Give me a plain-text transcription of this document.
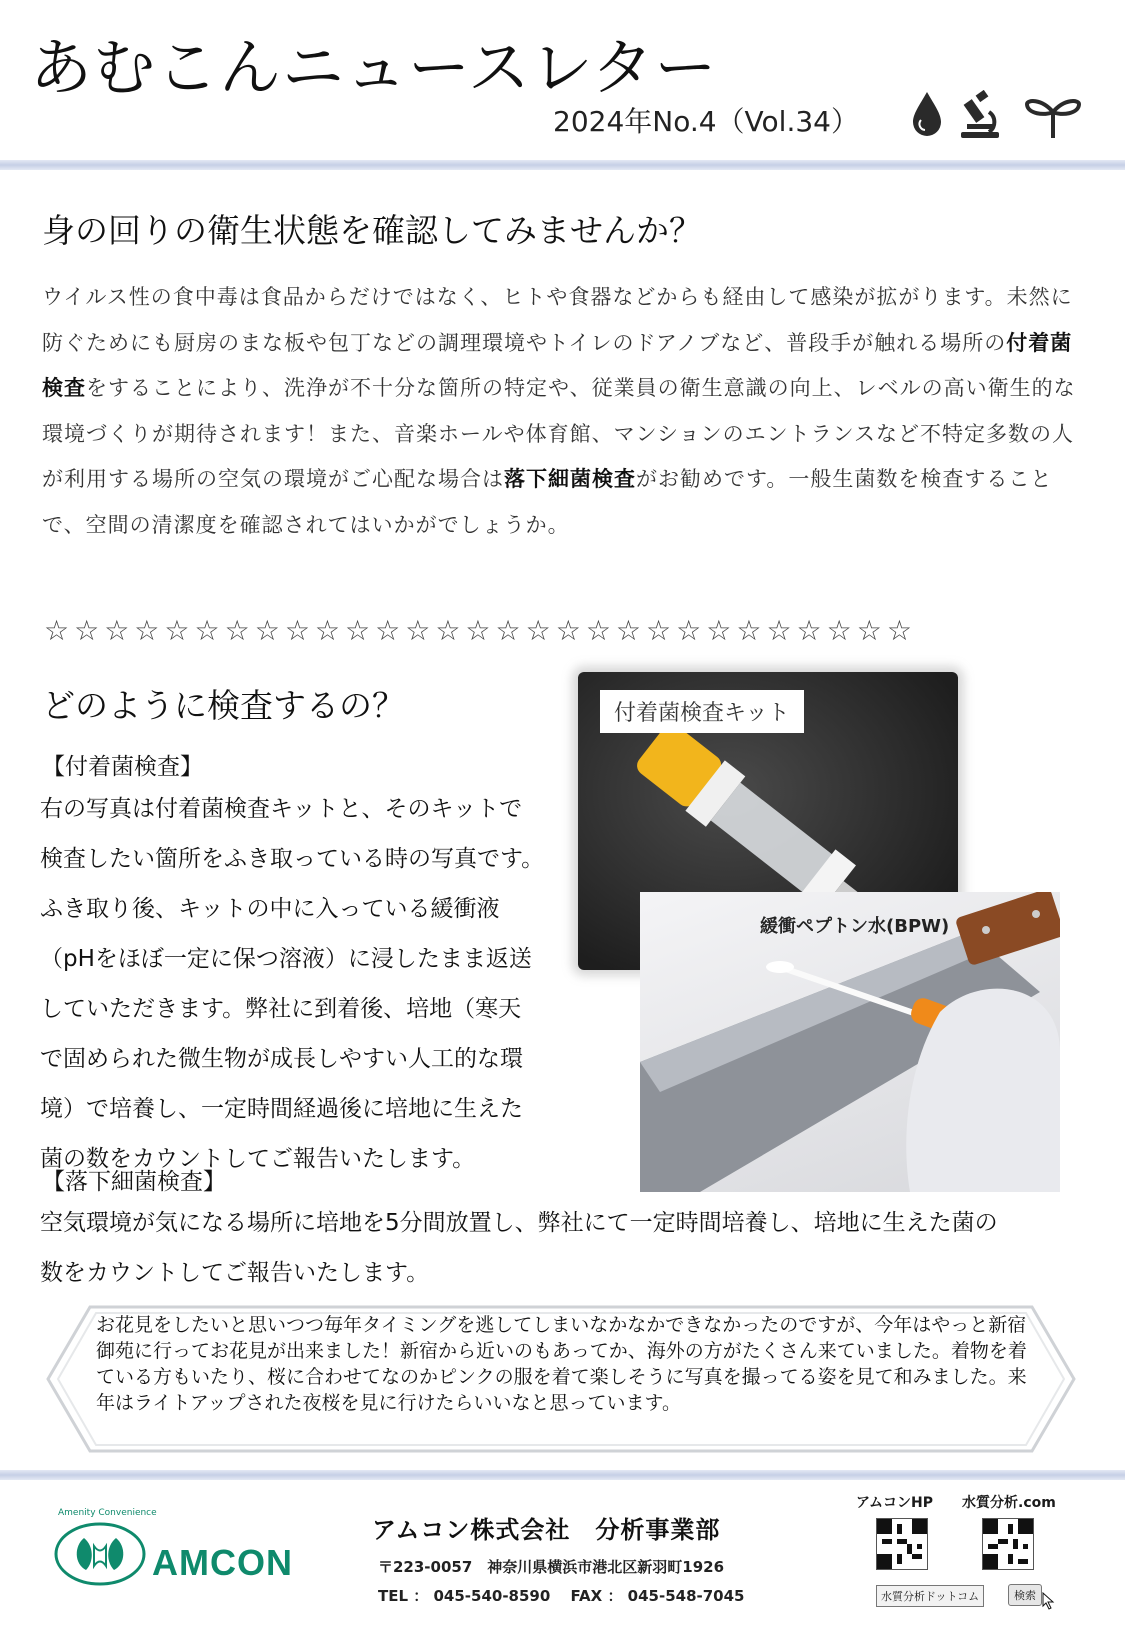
あむこんニュースレター
2024年No.4（Vol.34）
身の回りの衛生状態を確認してみませんか？
ウイルス性の食中毒は食品からだけではなく、ヒトや食器などからも経由して感染が拡がります。未然に防ぐためにも厨房のまな板や包丁などの調理環境やトイレのドアノブなど、普段手が触れる場所の付着菌検査をすることにより、洗浄が不十分な箇所の特定や、従業員の衛生意識の向上、レベルの高い衛生的な環境づくりが期待されます！また、音楽ホールや体育館、マンションのエントランスなど不特定多数の人が利用する場所の空気の環境がご心配な場合は落下細菌検査がお勧めです。一般生菌数を検査することで、空間の清潔度を確認されてはいかがでしょうか。
☆☆☆☆☆☆☆☆☆☆☆☆☆☆☆☆☆☆☆☆☆☆☆☆☆☆☆☆☆
どのように検査するの？
【付着菌検査】
右の写真は付着菌検査キットと、そのキットで
検査したい箇所をふき取っている時の写真です。
ふき取り後、キットの中に入っている緩衝液
（pHをほぼ一定に保つ溶液）に浸したまま返送
していただきます。弊社に到着後、培地（寒天
で固められた微生物が成長しやすい人工的な環
境）で培養し、一定時間経過後に培地に生えた
菌の数をカウントしてご報告いたします。
【落下細菌検査】
空気環境が気になる場所に培地を5分間放置し、弊社にて一定時間培養し、培地に生えた菌の
数をカウントしてご報告いたします。
付着菌検査キット
緩衝ペプトン水(BPW)
お花見をしたいと思いつつ毎年タイミングを逃してしまいなかなかできなかったのですが、今年はやっと新宿御苑に行ってお花見が出来ました！新宿から近いのもあってか、海外の方がたくさん来ていました。着物を着ている方もいたり、桜に合わせてなのかピンクの服を着て楽しそうに写真を撮ってる姿を見て和みました。来年はライトアップされた夜桜を見に行けたらいいなと思っています。
Amenity Convenience
AMCON
アムコン株式会社　分析事業部
〒223-0057　神奈川県横浜市港北区新羽町1926
TEL ： 045-540-8590　 FAX ： 045-548-7045
アムコンHP 水質分析.com
水質分析ドットコム	検索
